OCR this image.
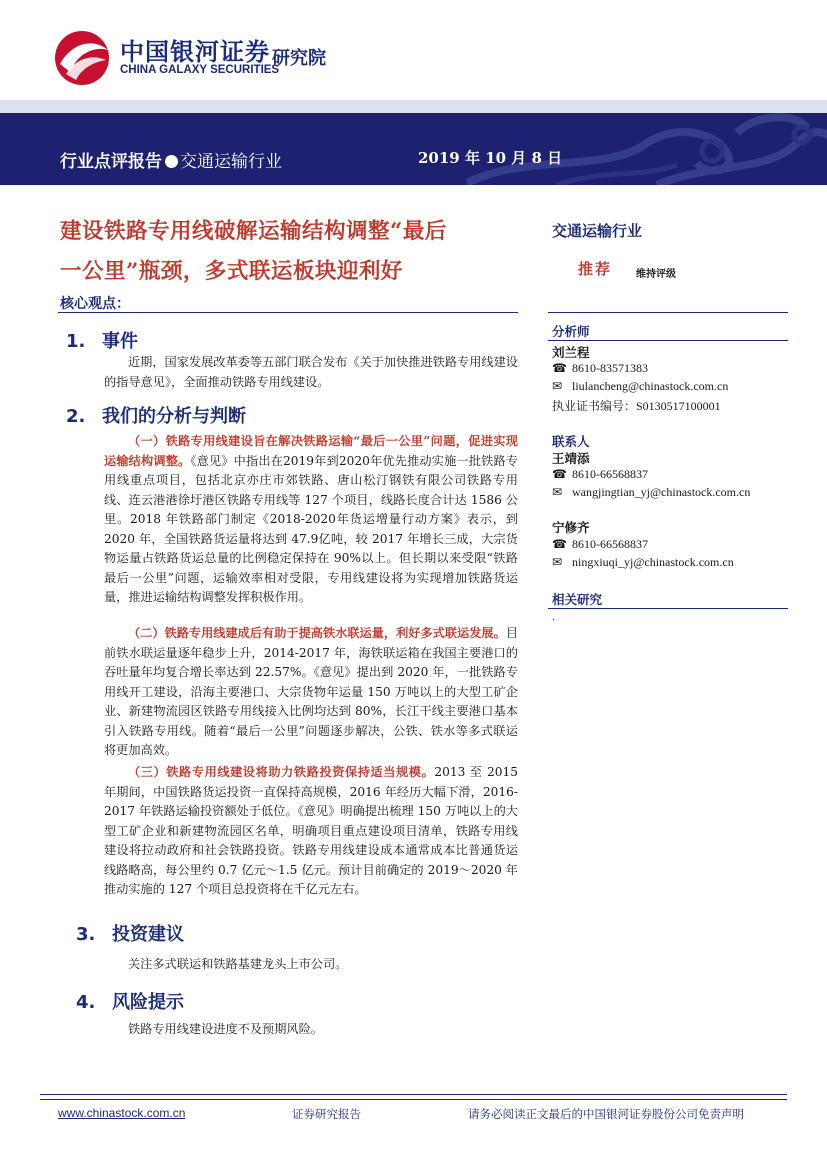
中国银河证券
CHINA GALAXY SECURITIES
研究院
行业点评报告 交通运输行业	2019 年 10 月 8 日
建设铁路专用线破解运输结构调整“最后
一公里”瓶颈，多式联运板块迎利好
核心观点：
1. 事件
近期，国家发展改革委等五部门联合发布《关于加快推进铁路专用线建设的指导意见》，全面推动铁路专用线建设。
2. 我们的分析与判断
（一）铁路专用线建设旨在解决铁路运输“最后一公里”问题，促进实现运输结构调整。《意见》中指出在2019年到2020年优先推动实施一批铁路专用线重点项目，包括北京亦庄市郊铁路、唐山松汀钢铁有限公司铁路专用线、连云港港徐圩港区铁路专用线等 127 个项目，线路长度合计达 1586 公里。2018 年铁路部门制定《2018-2020年货运增量行动方案》表示，到 2020 年，全国铁路货运量将达到 47.9亿吨，较 2017 年增长三成，大宗货物运量占铁路货运总量的比例稳定保持在 90%以上。但长期以来受限“铁路最后一公里”问题，运输效率相对受限，专用线建设将为实现增加铁路货运量，推进运输结构调整发挥积极作用。
（二）铁路专用线建成后有助于提高铁水联运量，利好多式联运发展。目前铁水联运量逐年稳步上升，2014-2017 年，海铁联运箱在我国主要港口的吞吐量年均复合增长率达到 22.57%。《意见》提出到 2020 年，一批铁路专用线开工建设，沿海主要港口、大宗货物年运量 150 万吨以上的大型工矿企业、新建物流园区铁路专用线接入比例均达到 80%，长江干线主要港口基本引入铁路专用线。随着“最后一公里”问题逐步解决，公铁、铁水等多式联运将更加高效。
（三）铁路专用线建设将助力铁路投资保持适当规模。2013 至 2015 年期间，中国铁路货运投资一直保持高规模，2016 年经历大幅下滑，2016-2017 年铁路运输投资额处于低位。《意见》明确提出梳理 150 万吨以上的大型工矿企业和新建物流园区名单，明确项目重点建设项目清单，铁路专用线建设将拉动政府和社会铁路投资。铁路专用线建设成本通常成本比普通货运线路略高，每公里约 0.7 亿元～1.5 亿元。预计目前确定的 2019～2020 年推动实施的 127 个项目总投资将在千亿元左右。
3. 投资建议
关注多式联运和铁路基建龙头上市公司。
4. 风险提示
铁路专用线建设进度不及预期风险。
交通运输行业
推荐 维持评级
分析师
刘兰程
☎ 8610-83571383
✉ liulancheng@chinastock.com.cn
执业证书编号：S0130517100001
联系人
王靖添
☎ 8610-66568837
✉ wangjingtian_yj@chinastock.com.cn
宁修齐
☎ 8610-66568837
✉ ningxiuqi_yj@chinastock.com.cn
相关研究
.
www.chinastock.com.cn	证券研究报告	请务必阅读正文最后的中国银河证券股份公司免责声明
